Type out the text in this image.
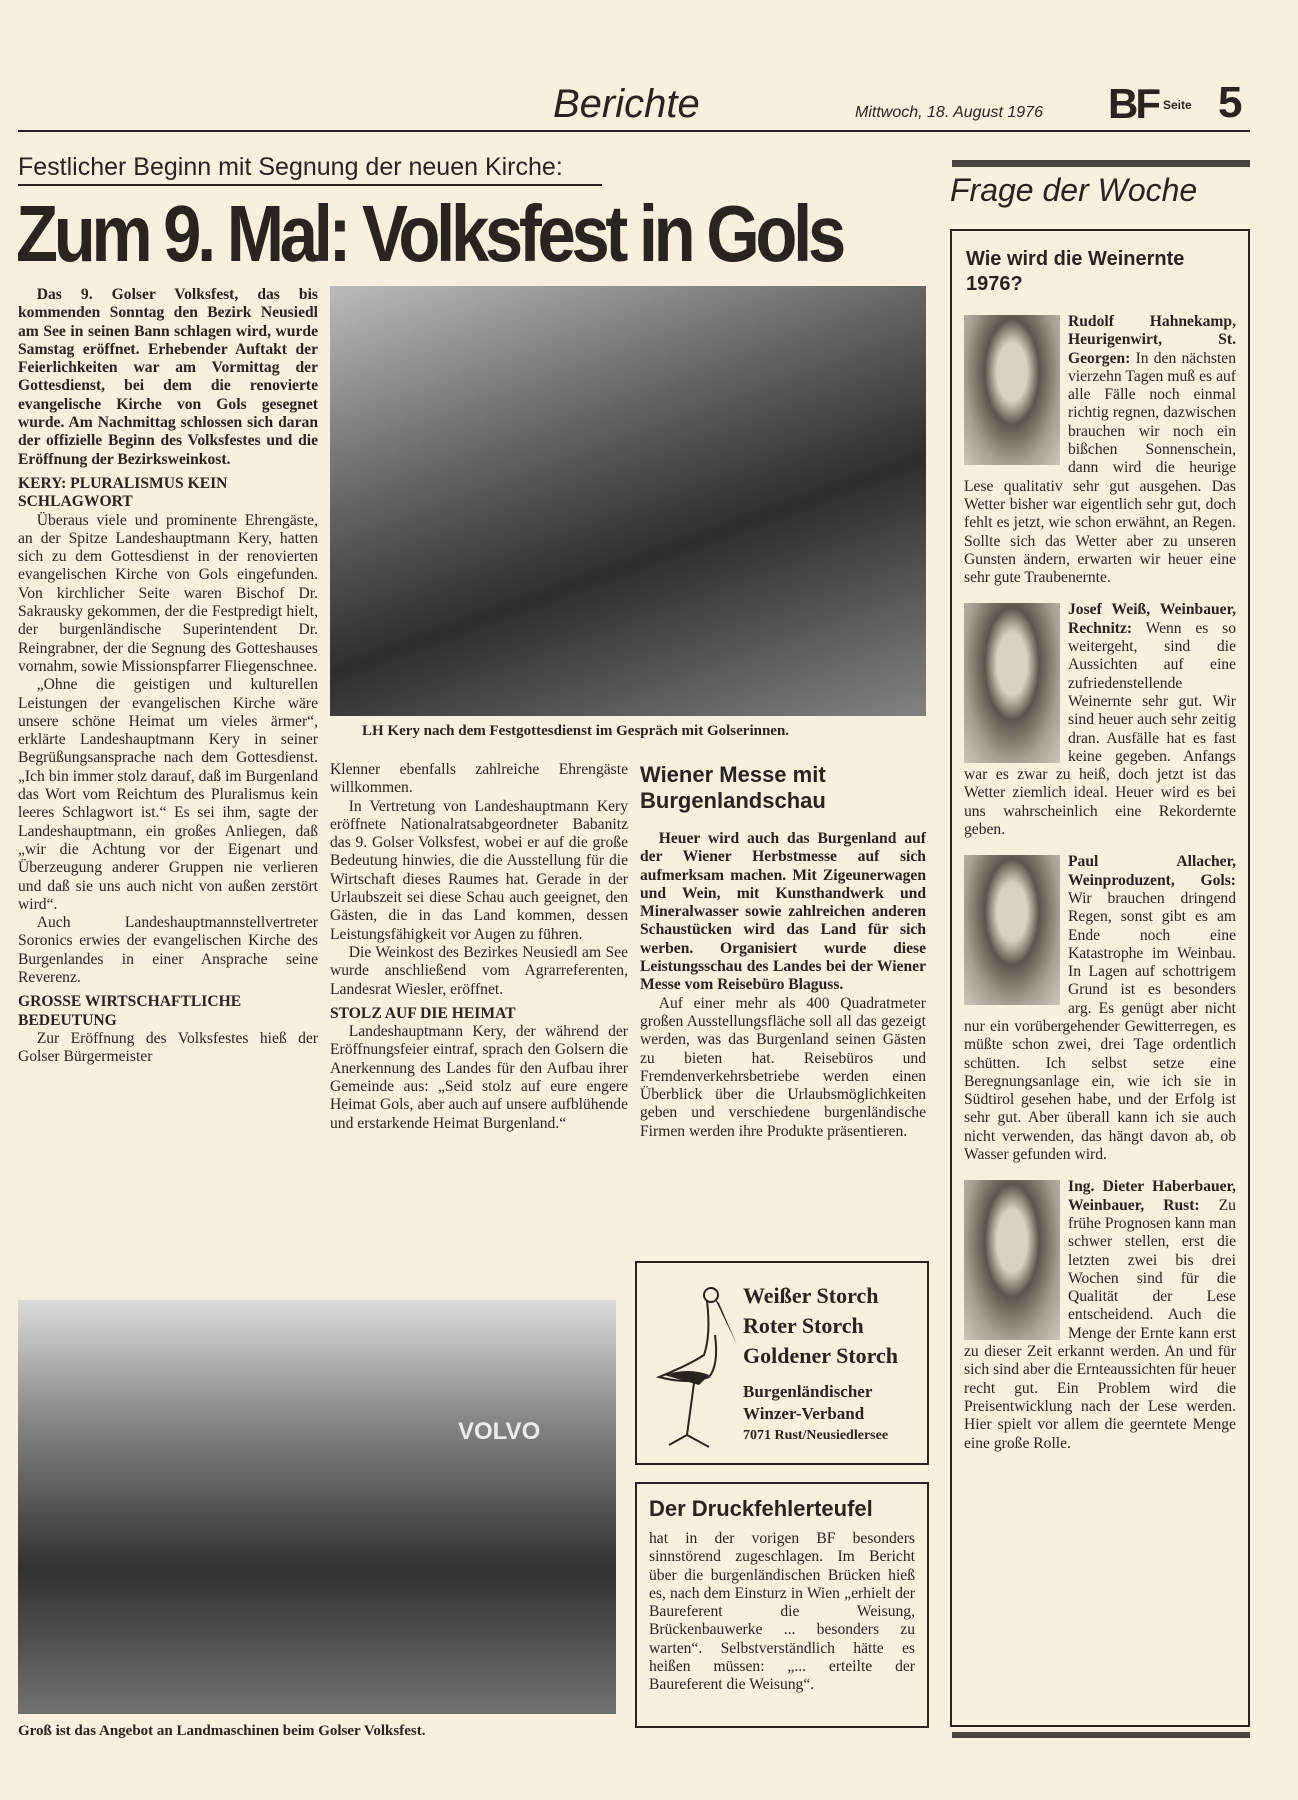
Berichte	Mittwoch, 18. August 1976 BF Seite 5
Festlicher Beginn mit Segnung der neuen Kirche:
Zum 9. Mal: Volksfest in Gols

Das 9. Golser Volksfest, das bis kommenden Sonntag den Bezirk Neusiedl am See in seinen Bann schlagen wird, wurde Samstag eröffnet. Erhebender Auftakt der Feierlichkeiten war am Vormittag der Gottesdienst, bei dem die renovierte evangelische Kirche von Gols gesegnet wurde. Am Nachmittag schlossen sich daran der offizielle Beginn des Volksfestes und die Eröffnung der Bezirksweinkost.

KERY: PLURALISMUS KEIN SCHLAGWORT

Überaus viele und prominente Ehrengäste, an der Spitze Landeshauptmann Kery, hatten sich zu dem Gottesdienst in der renovierten evangelischen Kirche von Gols eingefunden. Von kirchlicher Seite waren Bischof Dr. Sakrausky gekommen, der die Festpredigt hielt, der burgenländische Superintendent Dr. Reingrabner, der die Segnung des Gotteshauses vornahm, sowie Missionspfarrer Fliegenschnee.

„Ohne die geistigen und kulturellen Leistungen der evangelischen Kirche wäre unsere schöne Heimat um vieles ärmer“, erklärte Landeshauptmann Kery in seiner Begrüßungsansprache nach dem Gottesdienst. „Ich bin immer stolz darauf, daß im Burgenland das Wort vom Reichtum des Pluralismus kein leeres Schlagwort ist.“ Es sei ihm, sagte der Landeshauptmann, ein großes Anliegen, daß „wir die Achtung vor der Eigenart und Überzeugung anderer Gruppen nie verlieren und daß sie uns auch nicht von außen zerstört wird“.

Auch Landeshauptmannstellvertreter Soronics erwies der evangelischen Kirche des Burgenlandes in einer Ansprache seine Reverenz.

GROSSE WIRTSCHAFTLICHE BEDEUTUNG

Zur Eröffnung des Volksfestes hieß der Golser Bürgermeister

LH Kery nach dem Festgottesdienst im Gespräch mit Golserinnen.

Klenner ebenfalls zahlreiche Ehrengäste willkommen.

In Vertretung von Landeshauptmann Kery eröffnete Nationalratsabgeordneter Babanitz das 9. Golser Volksfest, wobei er auf die große Bedeutung hinwies, die die Ausstellung für die Wirtschaft dieses Raumes hat. Gerade in der Urlaubszeit sei diese Schau auch geeignet, den Gästen, die in das Land kommen, dessen Leistungsfähigkeit vor Augen zu führen.

Die Weinkost des Bezirkes Neusiedl am See wurde anschließend vom Agrarreferenten, Landesrat Wiesler, eröffnet.

STOLZ AUF DIE HEIMAT

Landeshauptmann Kery, der während der Eröffnungsfeier eintraf, sprach den Golsern die Anerkennung des Landes für den Aufbau ihrer Gemeinde aus: „Seid stolz auf eure engere Heimat Gols, aber auch auf unsere aufblühende und erstarkende Heimat Burgenland.“

Wiener Messe mit Burgenlandschau

Heuer wird auch das Burgenland auf der Wiener Herbstmesse auf sich aufmerksam machen. Mit Zigeunerwagen und Wein, mit Kunsthandwerk und Mineralwasser sowie zahlreichen anderen Schaustücken wird das Land für sich werben. Organisiert wurde diese Leistungsschau des Landes bei der Wiener Messe vom Reisebüro Blaguss.

Auf einer mehr als 400 Quadratmeter großen Ausstellungsfläche soll all das gezeigt werden, was das Burgenland seinen Gästen zu bieten hat. Reisebüros und Fremdenverkehrsbetriebe werden einen Überblick über die Urlaubsmöglichkeiten geben und verschiedene burgenländische Firmen werden ihre Produkte präsentieren.

Weißer Storch
Roter Storch
Goldener Storch
Burgenländischer
Winzer-Verband
7071 Rust/Neusiedlersee
Der Druckfehlerteufel

hat in der vorigen BF besonders sinnstörend zugeschlagen. Im Bericht über die burgenländischen Brücken hieß es, nach dem Einsturz in Wien „erhielt der Baureferent die Weisung, Brückenbauwerke ... besonders zu warten“. Selbstverständlich hätte es heißen müssen: „... erteilte der Baureferent die Weisung“.

VOLVO
Groß ist das Angebot an Landmaschinen beim Golser Volksfest.
Frage der Woche
Wie wird die Weinernte 1976?
Rudolf Hahnekamp, Heurigenwirt, St. Georgen: In den nächsten vierzehn Tagen muß es auf alle Fälle noch einmal richtig regnen, dazwischen brauchen wir noch ein bißchen Sonnenschein, dann wird die heurige Lese qualitativ sehr gut ausgehen. Das Wetter bisher war eigentlich sehr gut, doch fehlt es jetzt, wie schon erwähnt, an Regen. Sollte sich das Wetter aber zu unseren Gunsten ändern, erwarten wir heuer eine sehr gute Traubenernte.
Josef Weiß, Weinbauer, Rechnitz: Wenn es so weitergeht, sind die Aussichten auf eine zufriedenstellende Weinernte sehr gut. Wir sind heuer auch sehr zeitig dran. Ausfälle hat es fast keine gegeben. Anfangs war es zwar zu heiß, doch jetzt ist das Wetter ziemlich ideal. Heuer wird es bei uns wahrscheinlich eine Rekordernte geben.
Paul Allacher, Weinproduzent, Gols: Wir brauchen dringend Regen, sonst gibt es am Ende noch eine Katastrophe im Weinbau. In Lagen auf schottrigem Grund ist es besonders arg. Es genügt aber nicht nur ein vorübergehender Gewitterregen, es müßte schon zwei, drei Tage ordentlich schütten. Ich selbst setze eine Beregnungsanlage ein, wie ich sie in Südtirol gesehen habe, und der Erfolg ist sehr gut. Aber überall kann ich sie auch nicht verwenden, das hängt davon ab, ob Wasser gefunden wird.
Ing. Dieter Haberbauer, Weinbauer, Rust: Zu frühe Prognosen kann man schwer stellen, erst die letzten zwei bis drei Wochen sind für die Qualität der Lese entscheidend. Auch die Menge der Ernte kann erst zu dieser Zeit erkannt werden. An und für sich sind aber die Ernteaussichten für heuer recht gut. Ein Problem wird die Preisentwicklung nach der Lese werden. Hier spielt vor allem die geerntete Menge eine große Rolle.
